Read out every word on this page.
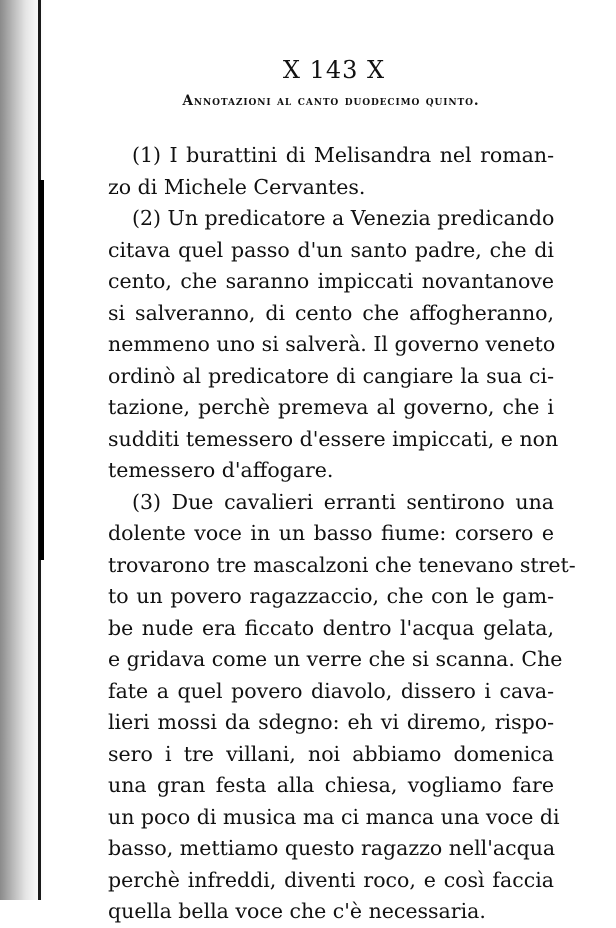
X 143 X
Annotazioni al canto duodecimo quinto.
(1) I burattini di Melisandra nel roman-
zo di Michele Cervantes.
(2) Un predicatore a Venezia predicando
citava quel passo d'un santo padre, che di
cento, che saranno impiccati novantanove
si salveranno, di cento che affogheranno,
nemmeno uno si salverà. Il governo veneto
ordinò al predicatore di cangiare la sua ci-
tazione, perchè premeva al governo, che i
sudditi temessero d'essere impiccati, e non
temessero d'affogare.
(3) Due cavalieri erranti sentirono una
dolente voce in un basso fiume: corsero e
trovarono tre mascalzoni che tenevano stret-
to un povero ragazzaccio, che con le gam-
be nude era ficcato dentro l'acqua gelata,
e gridava come un verre che si scanna. Che
fate a quel povero diavolo, dissero i cava-
lieri mossi da sdegno: eh vi diremo, rispo-
sero i tre villani, noi abbiamo domenica
una gran festa alla chiesa, vogliamo fare
un poco di musica ma ci manca una voce di
basso, mettiamo questo ragazzo nell'acqua
perchè infreddi, diventi roco, e così faccia
quella bella voce che c'è necessaria.
